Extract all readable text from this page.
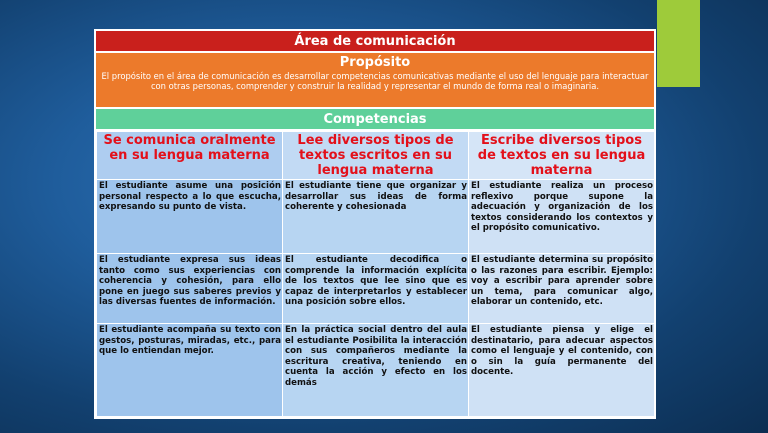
Área de comunicación
Propósito
El propósito en el área de comunicación es desarrollar competencias comunicativas mediante el uso del lenguaje para interactuar con otras personas, comprender y construir la realidad y representar el mundo de forma real o imaginaria.
Competencias
Se comunica oralmente en su lengua materna	Lee diversos tipos de textos escritos en su lengua materna	Escribe diversos tipos de textos en su lengua materna
El estudiante asume una posición personal respecto a lo que escucha, expresando su punto de vista.	El estudiante tiene que organizar y desarrollar sus ideas de forma coherente y cohesionada	El estudiante realiza un proceso reflexivo porque supone la adecuación y organización de los textos considerando los contextos y el propósito comunicativo.
El estudiante expresa sus ideas tanto como sus experiencias con coherencia y cohesión, para ello pone en juego sus saberes previos y las diversas fuentes de información.	El estudiante decodifica o comprende la información explícita de los textos que lee sino que es capaz de interpretarlos y establecer una posición sobre ellos.	El estudiante determina su propósito o las razones para escribir. Ejemplo: voy a escribir para aprender sobre un tema, para comunicar algo, elaborar un contenido, etc.
El estudiante acompaña su texto con gestos, posturas, miradas, etc., para que lo entiendan mejor.	En la práctica social dentro del aula el estudiante Posibilita la interacción con sus compañeros mediante la escritura creativa, teniendo en cuenta la acción y efecto en los demás	El estudiante piensa y elige el destinatario, para adecuar aspectos como el lenguaje y el contenido, con o sin la guía permanente del docente.
